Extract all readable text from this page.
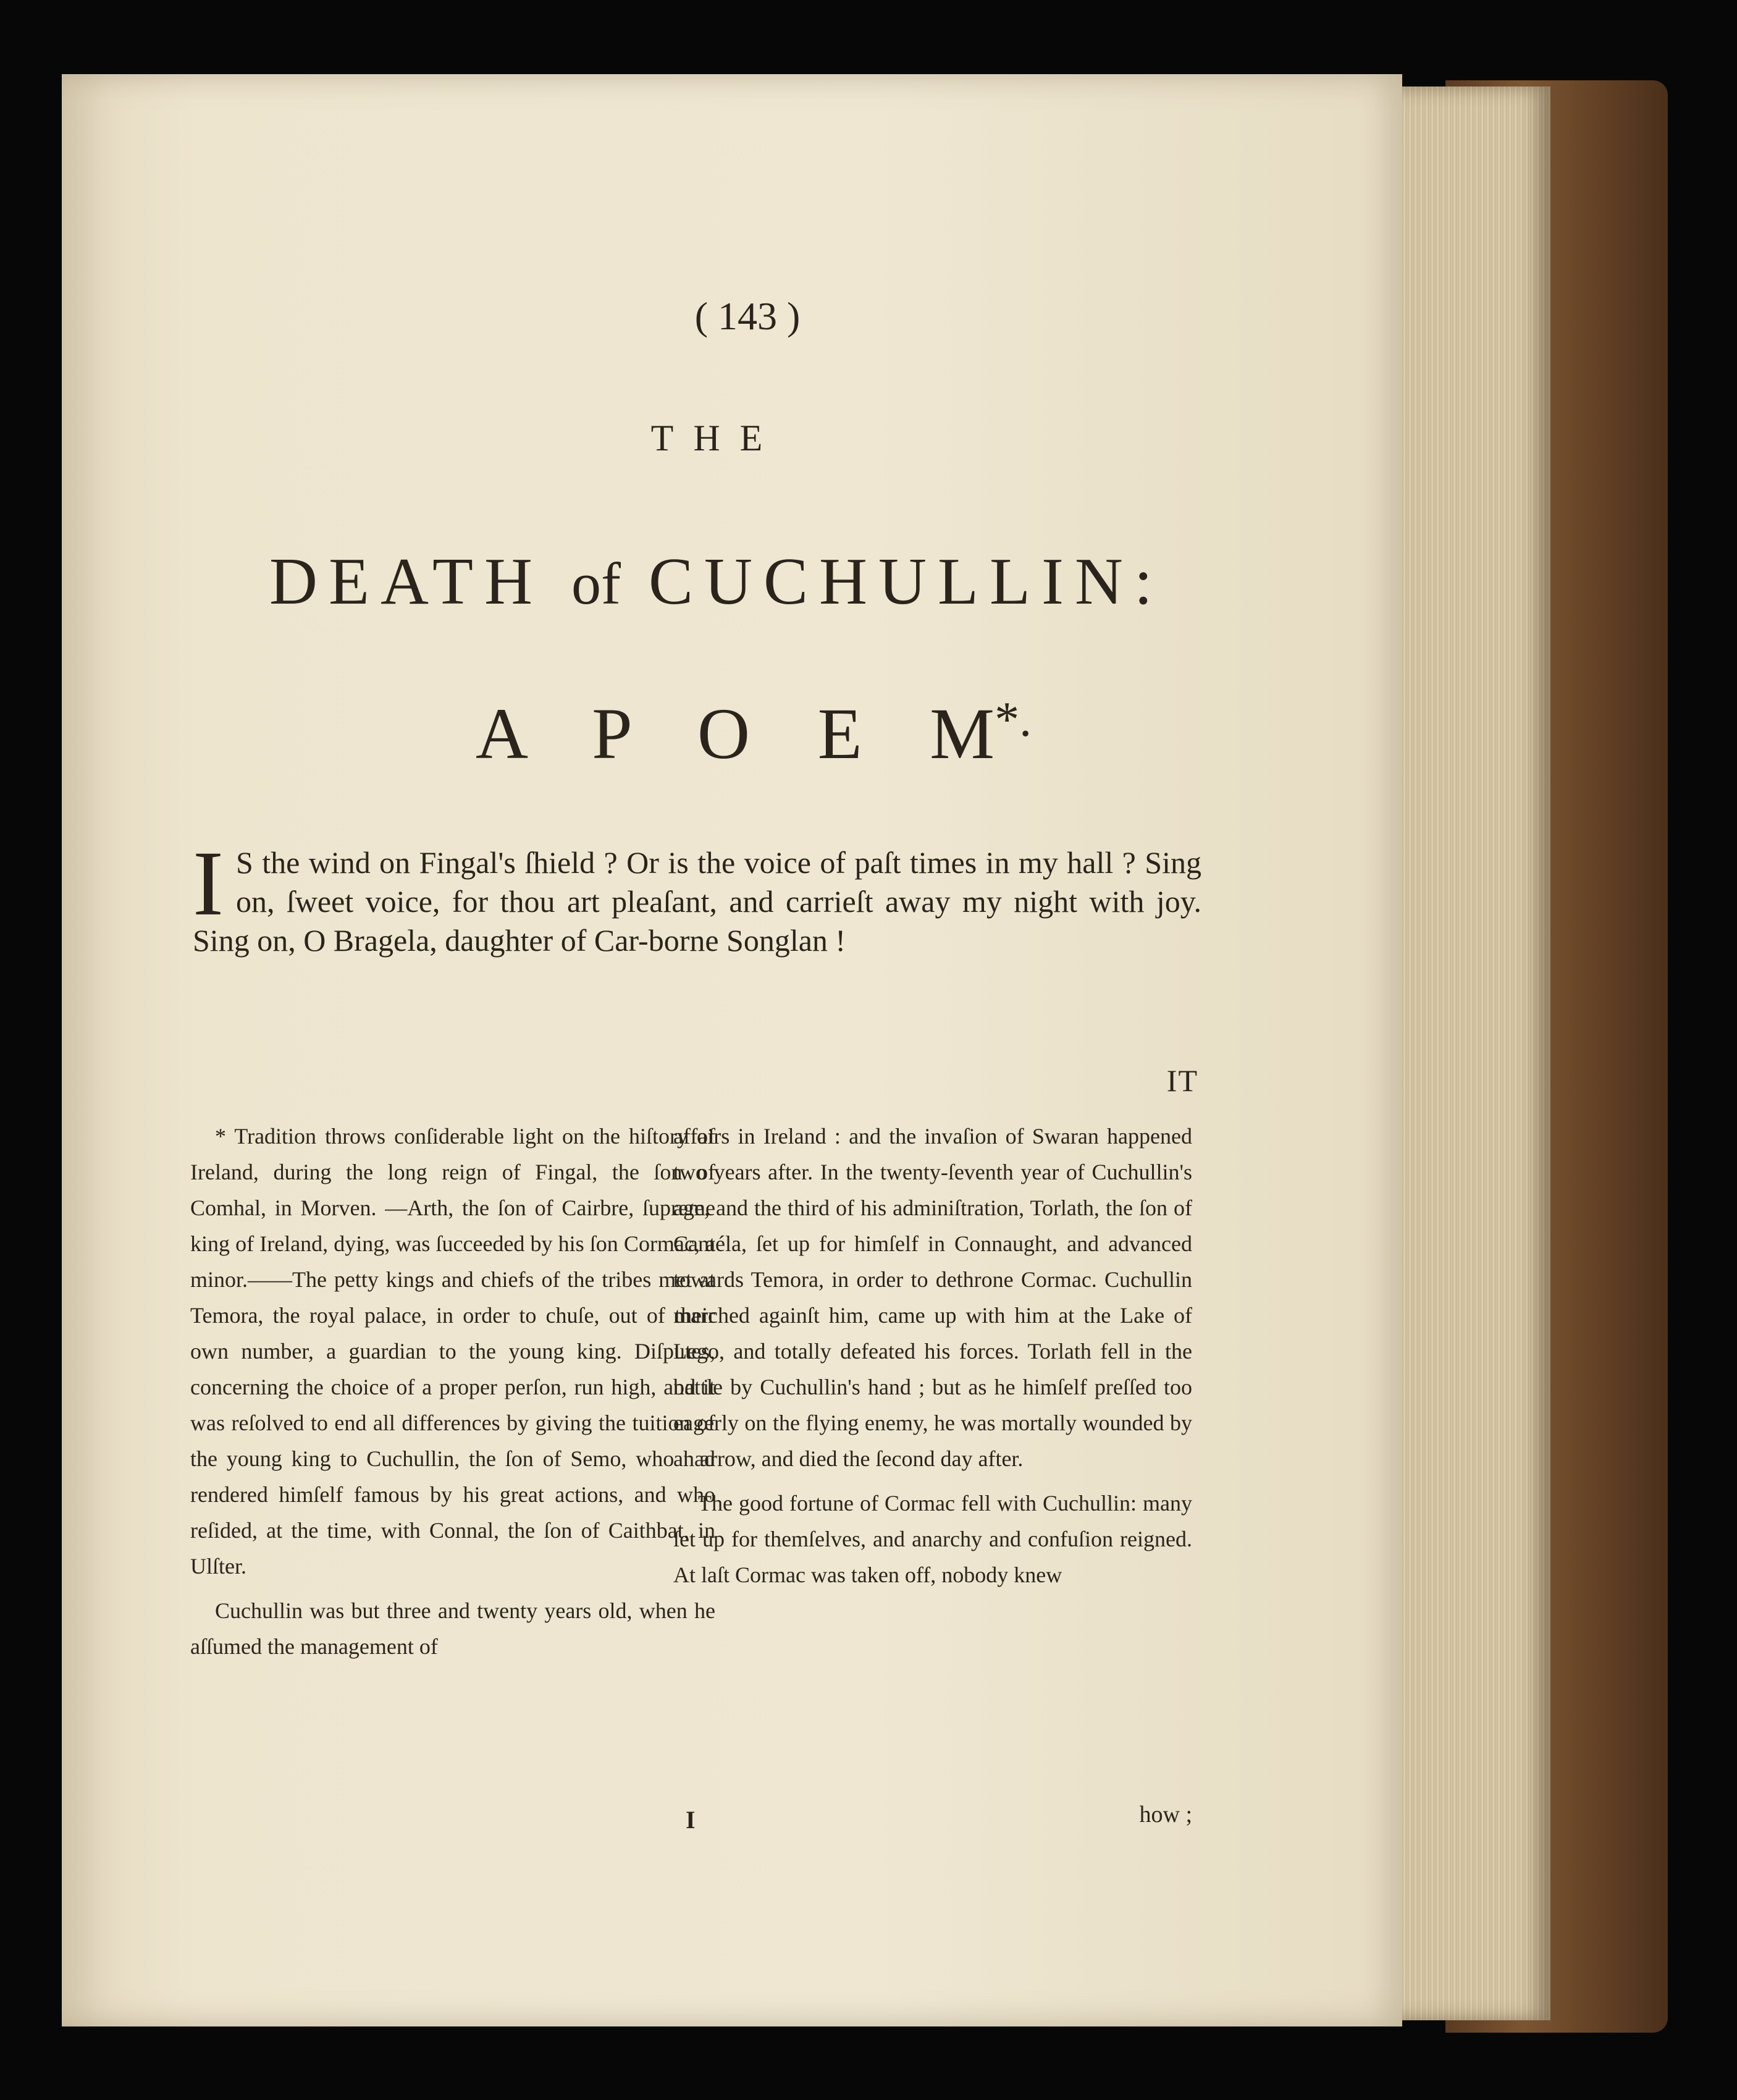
( 143 )
THE
DEATH of CUCHULLIN:
A P O E M*.
I S the wind on Fingal's ſhield ? Or is the voice of paſt times in my hall ? Sing on, ſweet voice, for thou art pleaſant, and carrieſt away my night with joy. Sing on, O Bragela, daughter of Car-borne Songlan !
IT

* Tradition throws conſiderable light on the hiſtory of Ireland, during the long reign of Fingal, the ſon of Comhal, in Morven. —Arth, the ſon of Cairbre, ſupreme king of Ireland, dying, was ſucceeded by his ſon Cormac, a minor.——The petty kings and chiefs of the tribes met at Temora, the royal palace, in order to chuſe, out of their own number, a guardian to the young king. Diſputes, concerning the choice of a proper perſon, run high, and it was reſolved to end all differences by giving the tuition of the young king to Cuchullin, the ſon of Semo, who had rendered himſelf famous by his great actions, and who reſided, at the time, with Connal, the ſon of Caithbat, in Ulſter.

Cuchullin was but three and twenty years old, when he aſſumed the management of

affairs in Ireland : and the invaſion of Swaran happened two years after. In the twenty-ſeventh year of Cuchullin's age, and the third of his adminiſtration, Torlath, the ſon of Cantéla, ſet up for himſelf in Connaught, and advanced towards Temora, in order to dethrone Cormac. Cuchullin marched againſt him, came up with him at the Lake of Lego, and totally defeated his forces. Torlath fell in the battle by Cuchullin's hand ; but as he himſelf preſſed too eagerly on the flying enemy, he was mortally wounded by an arrow, and died the ſecond day after.

The good fortune of Cormac fell with Cuchullin: many ſet up for themſelves, and anarchy and confuſion reigned. At laſt Cormac was taken off, nobody knew

I	how ;
